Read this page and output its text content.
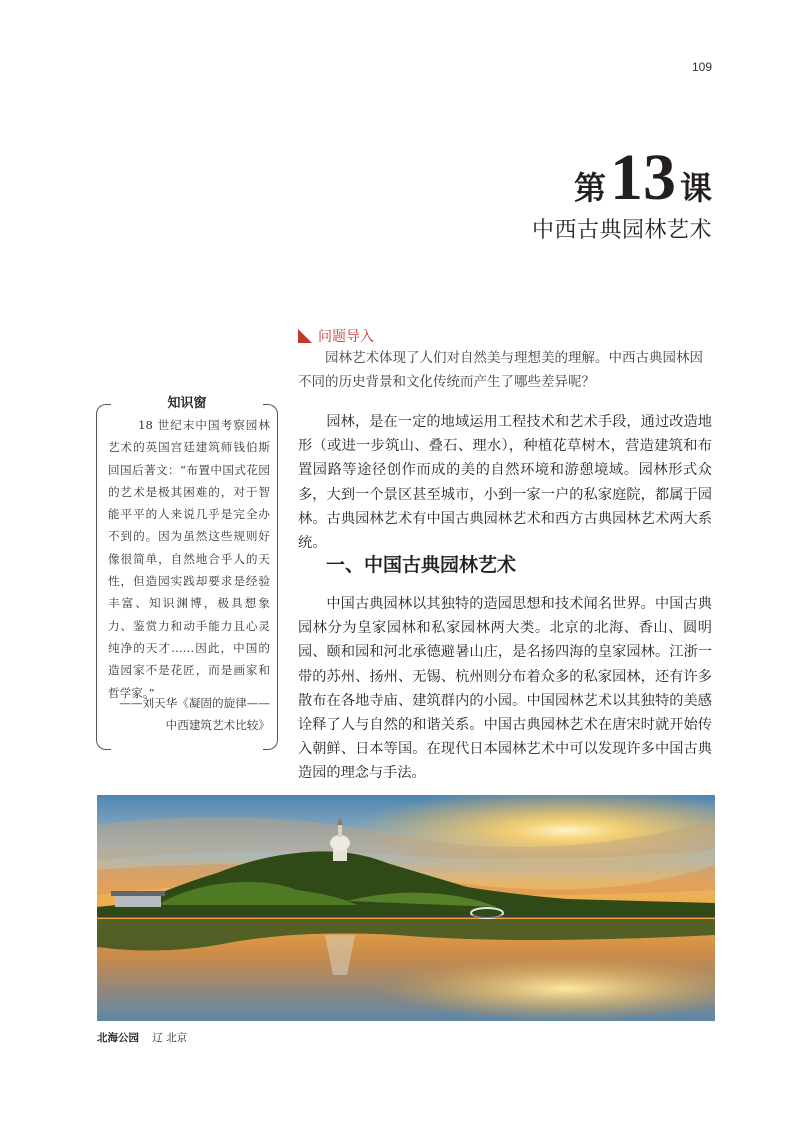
109
第 13 课
中西古典园林艺术
问题导入

园林艺术体现了人们对自然美与理想美的理解。中西古典园林因不同的历史背景和文化传统而产生了哪些差异呢？

知识窗

18 世纪末中国考察园林艺术的英国宫廷建筑师钱伯斯回国后著文：“布置中国式花园的艺术是极其困难的，对于智能平平的人来说几乎是完全办不到的。因为虽然这些规则好像很简单，自然地合乎人的天性，但造园实践却要求是经验丰富、知识渊博，极具想象力、鉴赏力和动手能力且心灵纯净的天才……因此，中国的造园家不是花匠，而是画家和哲学家。”

——刘天华《凝固的旋律——中西建筑艺术比较》

园林，是在一定的地域运用工程技术和艺术手段，通过改造地形（或进一步筑山、叠石、理水），种植花草树木，营造建筑和布置园路等途径创作而成的美的自然环境和游憩境域。园林形式众多，大到一个景区甚至城市，小到一家一户的私家庭院，都属于园林。古典园林艺术有中国古典园林艺术和西方古典园林艺术两大系统。

一、中国古典园林艺术

中国古典园林以其独特的造园思想和技术闻名世界。中国古典园林分为皇家园林和私家园林两大类。北京的北海、香山、圆明园、颐和园和河北承德避暑山庄，是名扬四海的皇家园林。江浙一带的苏州、扬州、无锡、杭州则分布着众多的私家园林，还有许多散布在各地寺庙、建筑群内的小园。中国园林艺术以其独特的美感诠释了人与自然的和谐关系。中国古典园林艺术在唐宋时就开始传入朝鲜、日本等国。在现代日本园林艺术中可以发现许多中国古典造园的理念与手法。

北海公园 辽 北京
